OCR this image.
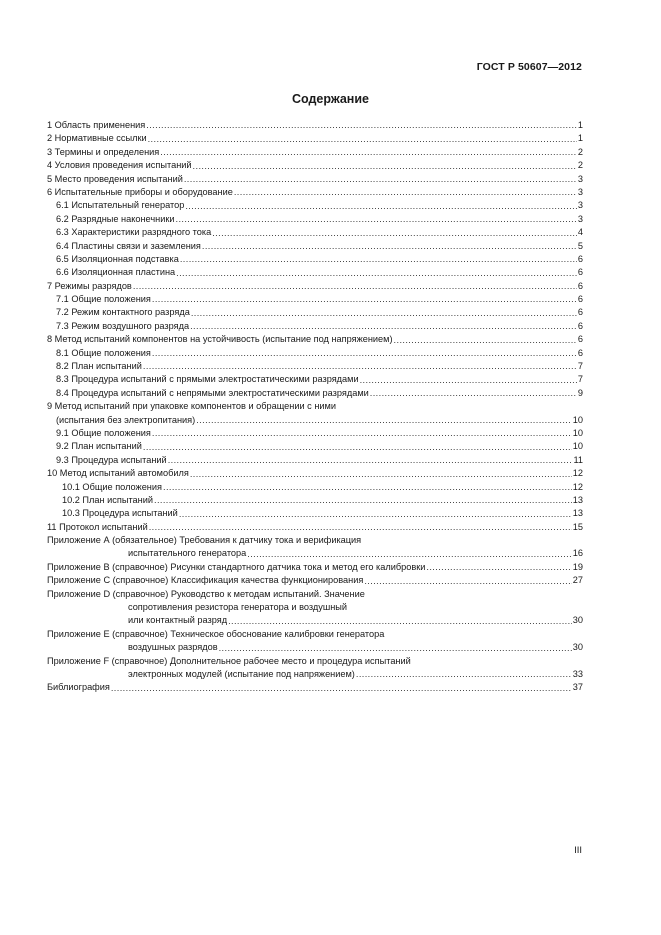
ГОСТ Р 50607—2012
Содержание
1 Область применения .....	1
2 Нормативные ссылки .....	1
3 Термины и определения .....	2
4 Условия проведения испытаний .....	2
5 Место проведения испытаний .....	3
6 Испытательные приборы и оборудование .....	3
6.1 Испытательный генератор .....	3
6.2 Разрядные наконечники .....	3
6.3 Характеристики разрядного тока .....	4
6.4 Пластины связи и заземления .....	5
6.5 Изоляционная подставка .....	6
6.6 Изоляционная пластина .....	6
7 Режимы разрядов .....	6
7.1 Общие положения .....	6
7.2 Режим контактного разряда .....	6
7.3 Режим воздушного разряда .....	6
8 Метод испытаний компонентов на устойчивость (испытание под напряжением) .....	6
8.1 Общие положения .....	6
8.2 План испытаний .....	7
8.3 Процедура испытаний с прямыми электростатическими разрядами .....	7
8.4 Процедура испытаний с непрямыми электростатическими разрядами .....	9
9 Метод испытаний при упаковке компонентов и обращении с ними
(испытания без электропитания) .....	10
9.1 Общие положения .....	10
9.2 План испытаний .....	10
9.3 Процедура испытаний .....	11
10 Метод испытаний автомобиля .....	12
10.1 Общие положения .....	12
10.2 План испытаний .....	13
10.3 Процедура испытаний .....	13
11 Протокол испытаний .....	15
Приложение А (обязательное) Требования к датчику тока и верификация
испытательного генератора .....	16
Приложение В (справочное) Рисунки стандартного датчика тока и метод его калибровки .....	19
Приложение С (справочное) Классификация качества функционирования .....	27
Приложение D (справочное) Руководство к методам испытаний. Значение
сопротивления резистора генератора и воздушный
или контактный разряд .....	30
Приложение E (справочное) Техническое обоснование калибровки генератора
воздушных разрядов .....	30
Приложение F (справочное) Дополнительное рабочее место и процедура испытаний
электронных модулей (испытание под напряжением) .....	33
Библиография .....	37
III
